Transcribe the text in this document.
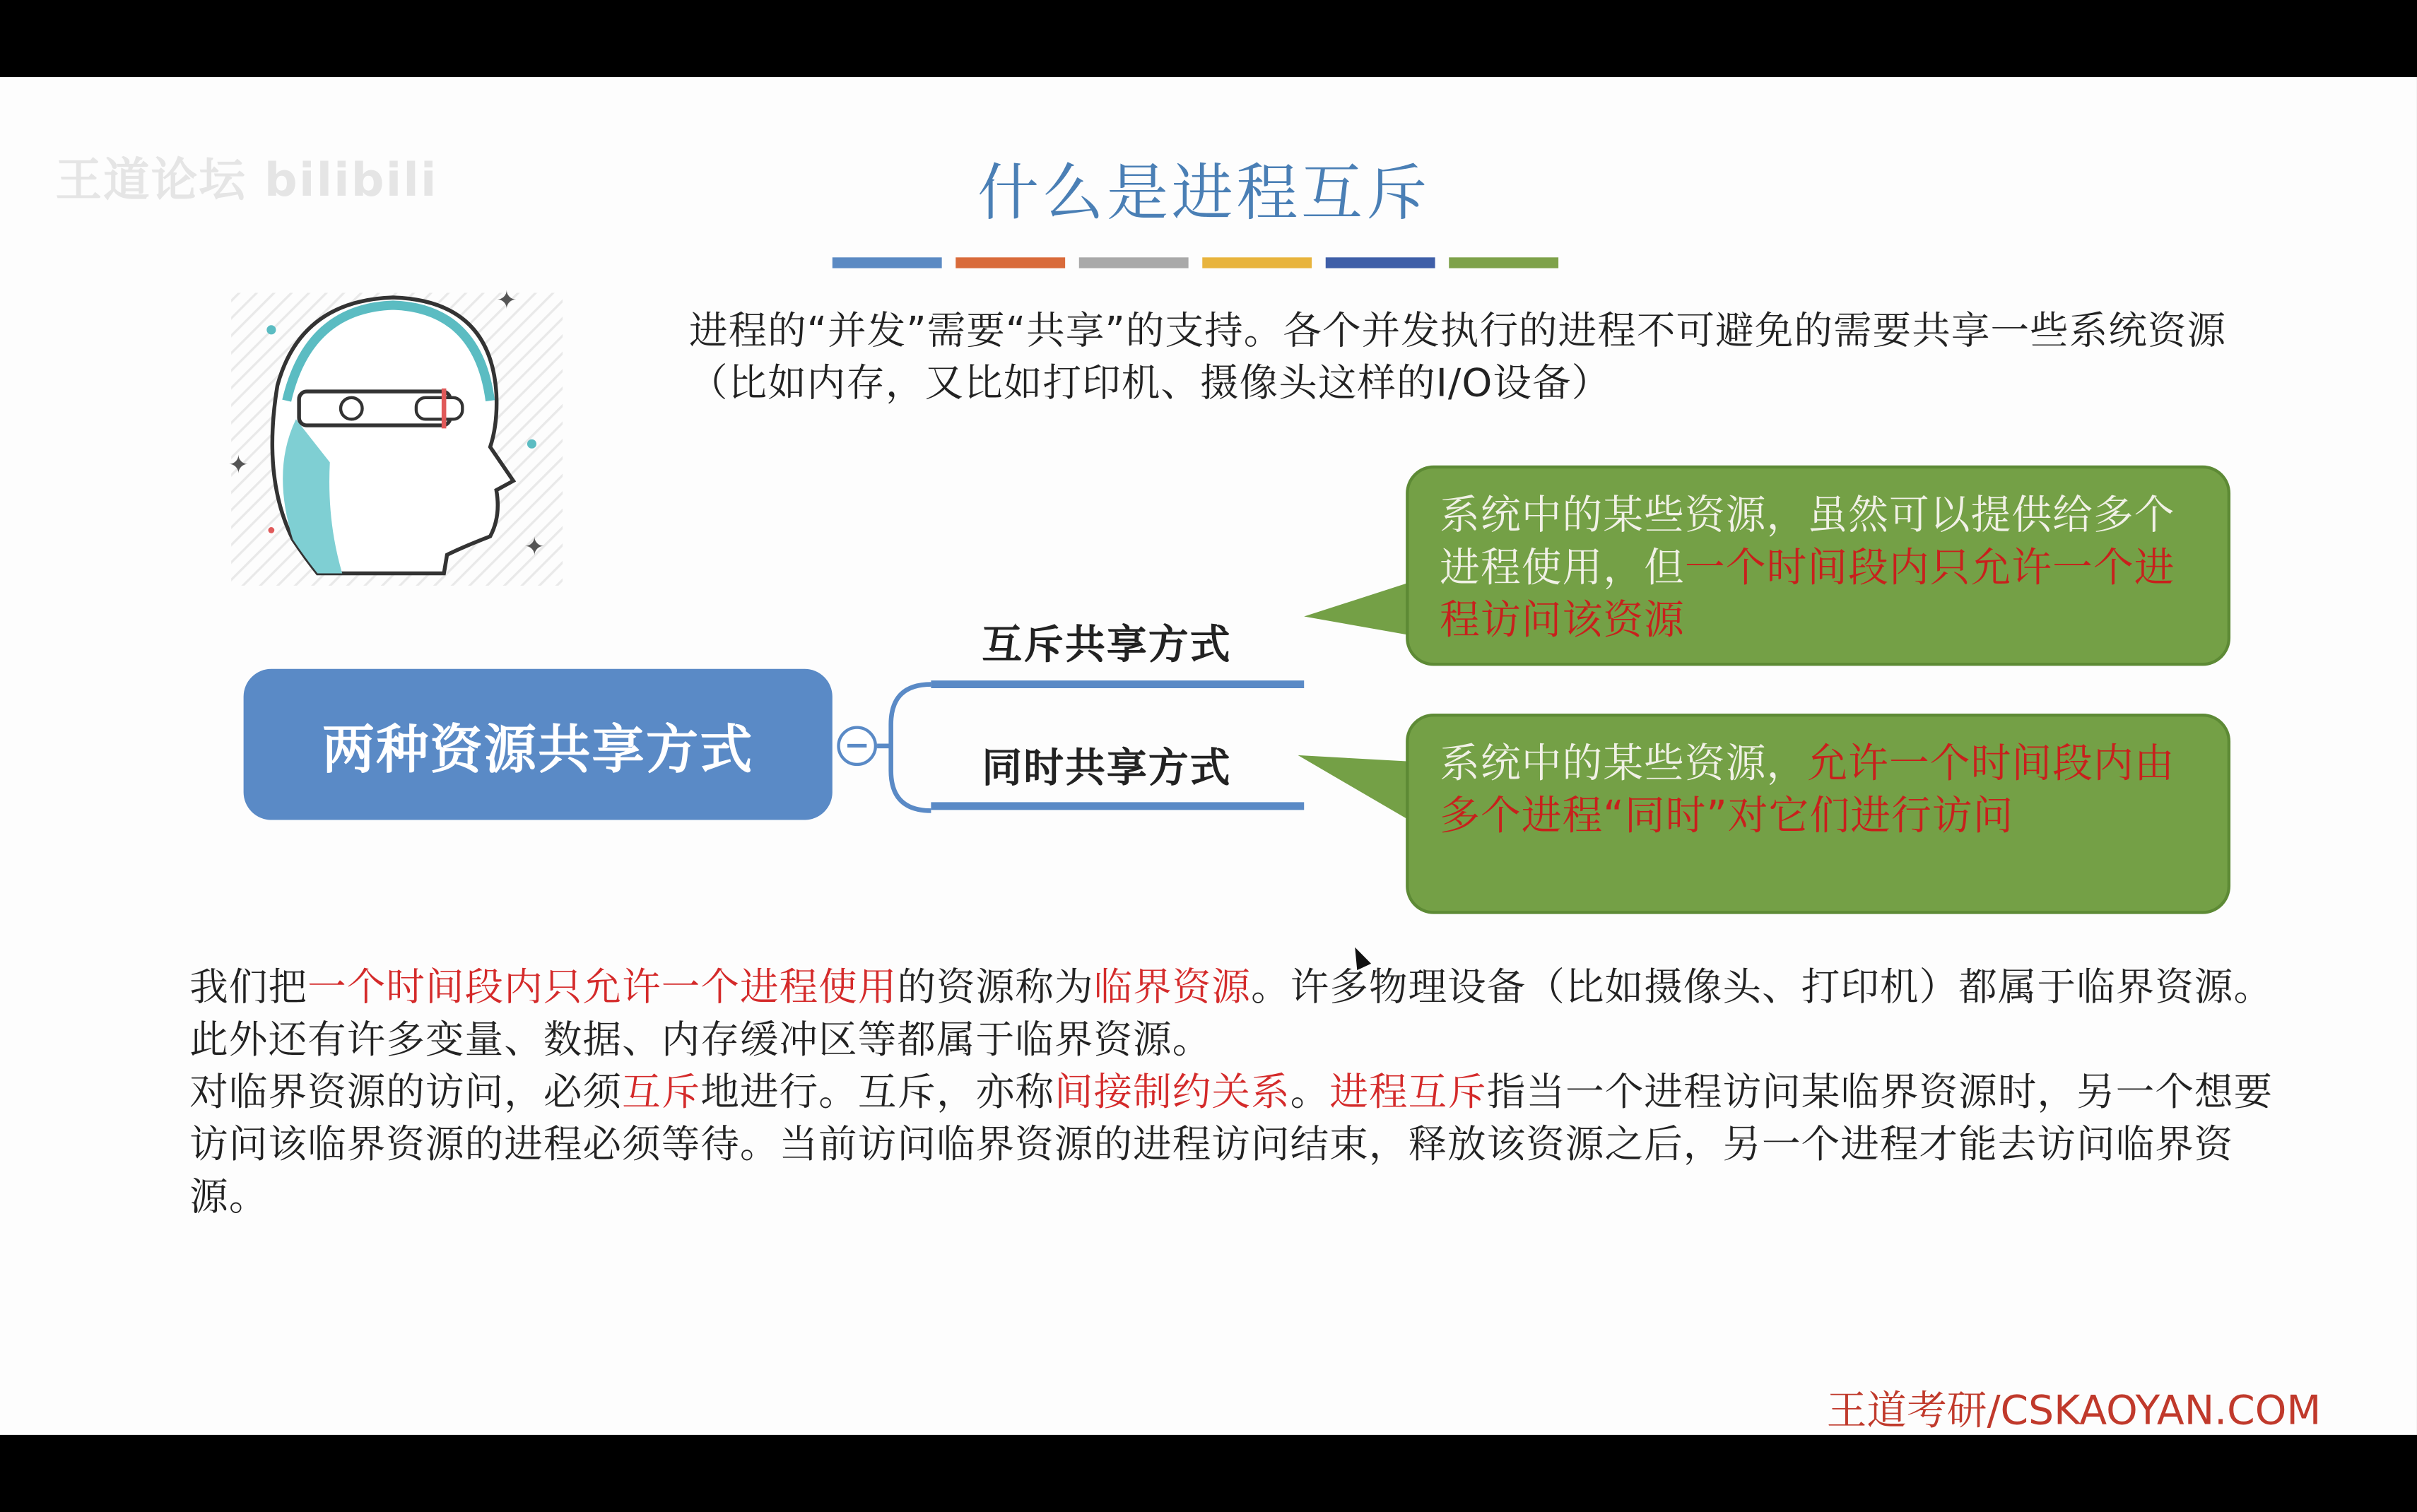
王道论坛 bilibili	什么是进程互斥
✦
✦
✦
进程的“并发”需要“共享”的支持。各个并发执行的进程不可避免的需要共享一些系统资源（比如内存，又比如打印机、摄像头这样的I/O设备）
两种资源共享方式	−
互斥共享方式
同时共享方式
系统中的某些资源，虽然可以提供给多个进程使用，但一个时间段内只允许一个进程访问该资源
系统中的某些资源，允许一个时间段内由多个进程“同时”对它们进行访问
我们把一个时间段内只允许一个进程使用的资源称为临界资源。许多物理设备（比如摄像头、打印机）都属于临界资源。此外还有许多变量、数据、内存缓冲区等都属于临界资源。
对临界资源的访问，必须互斥地进行。互斥，亦称间接制约关系。进程互斥指当一个进程访问某临界资源时，另一个想要访问该临界资源的进程必须等待。当前访问临界资源的进程访问结束，释放该资源之后，另一个进程才能去访问临界资源。
王道考研/CSKAOYAN.COM
